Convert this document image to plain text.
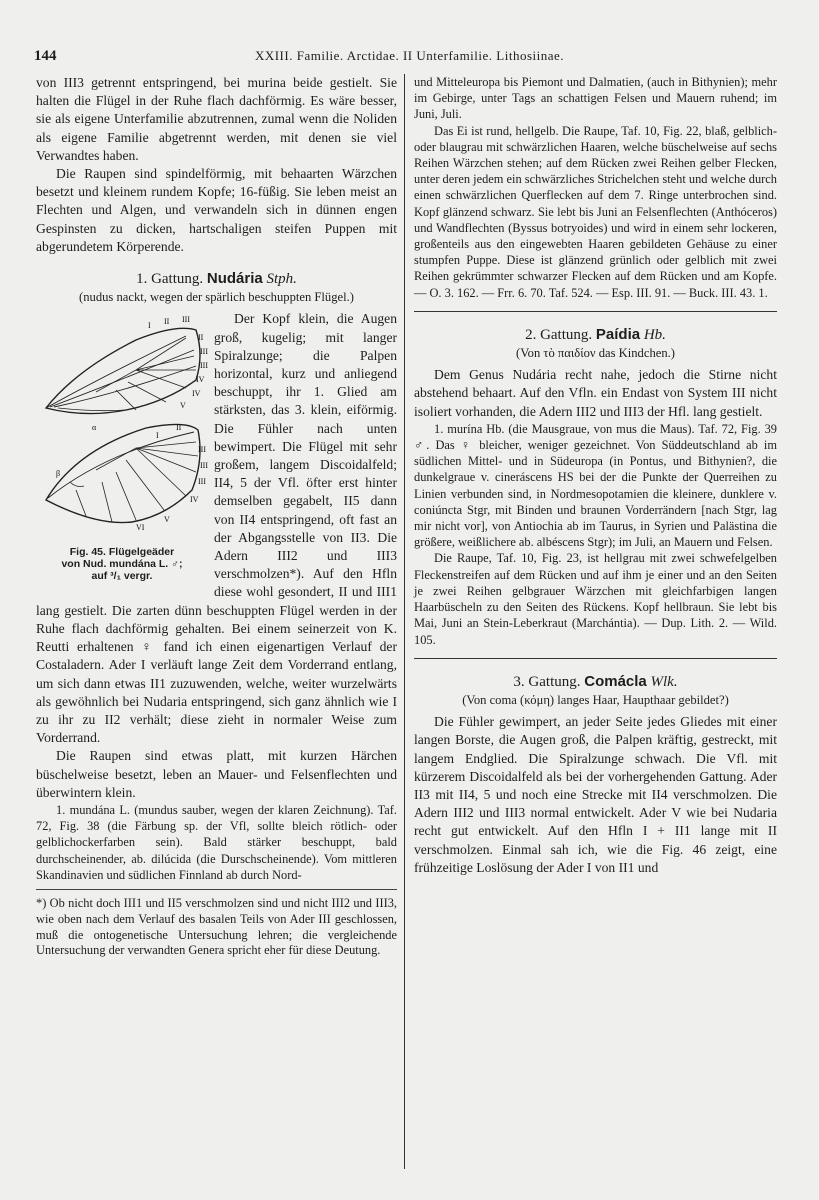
144	XXIII. Familie. Arctidae. II Unterfamilie. Lithosiinae.

von III3 getrennt entspringend, bei murina beide gestielt. Sie halten die Flügel in der Ruhe flach dachförmig. Es wäre besser, sie als eigene Unterfamilie abzutrennen, zumal wenn die Noliden als eigene Familie abgetrennt werden, mit denen sie viel Verwandtes haben.

Die Raupen sind spindelförmig, mit behaarten Wärzchen besetzt und kleinem rundem Kopfe; 16-füßig. Sie leben meist an Flechten und Algen, und verwandeln sich in dünnen engen Gespinsten zu dicken, hartschaligen steifen Puppen mit abgerundetem Körperende.

1. Gattung. Nudária Stph.
(nudus nackt, wegen der spärlich beschuppten Flügel.)
I II III
II
III
III
IV
IV
V
I
II
III
III
III
IV
V
VI
β
α
Fig. 45. Flügelgeäder
von Nud. mundána L. ♂;
auf ³/₁ vergr.

Der Kopf klein, die Augen groß, kugelig; mit langer Spiralzunge; die Palpen horizontal, kurz und anliegend beschuppt, ihr 1. Glied am stärksten, das 3. klein, eiförmig. Die Fühler nach unten bewimpert. Die Flügel mit sehr großem, langem Discoidalfeld; II4, 5 der Vfl. öfter erst hinter demselben gegabelt, II5 dann von II4 entspringend, oft fast an der Abgangsstelle von II3. Die Adern III2 und III3 verschmolzen*). Auf den Hfln diese wohl gesondert, II und III1 lang gestielt. Die zarten dünn beschuppten Flügel werden in der Ruhe flach dachförmig gehalten. Bei einem seinerzeit von K. Reutti erhaltenen ♀ fand ich einen eigenartigen Verlauf der Costaladern. Ader I verläuft lange Zeit dem Vorderrand entlang, um sich dann etwas II1 zuzuwenden, welche, weiter wurzelwärts als gewöhnlich bei Nudaria entspringend, sich ganz ähnlich wie I zu ihr zu II2 verhält; diese zieht in normaler Weise zum Vorderrand.

Die Raupen sind etwas platt, mit kurzen Härchen büschelweise besetzt, leben an Mauer- und Felsenflechten und überwintern klein.

1. mundána L. (mundus sauber, wegen der klaren Zeichnung). Taf. 72, Fig. 38 (die Färbung sp. der Vfl, sollte bleich rötlich- oder gelblichockerfarben sein). Bald stärker beschuppt, bald durchscheinender, ab. dilúcida (die Durschscheinende). Vom mittleren Skandinavien und südlichen Finnland ab durch Nord-

*) Ob nicht doch III1 und II5 verschmolzen sind und nicht III2 und III3, wie oben nach dem Verlauf des basalen Teils von Ader III geschlossen, muß die ontogenetische Untersuchung lehren; die vergleichende Untersuchung der verwandten Genera spricht eher für diese Deutung.

und Mitteleuropa bis Piemont und Dalmatien, (auch in Bithynien); mehr im Gebirge, unter Tags an schattigen Felsen und Mauern ruhend; im Juni, Juli.

Das Ei ist rund, hellgelb. Die Raupe, Taf. 10, Fig. 22, blaß, gelblich- oder blaugrau mit schwärzlichen Haaren, welche büschelweise auf sechs Reihen Wärzchen stehen; auf dem Rücken zwei Reihen gelber Flecken, unter deren jedem ein schwärzliches Strichelchen steht und welche durch einen schwärzlichen Querflecken auf dem 7. Ringe unterbrochen sind. Kopf glänzend schwarz. Sie lebt bis Juni an Felsenflechten (Anthóceros) und Wandflechten (Byssus botryoides) und wird in einem sehr lockeren, großenteils aus den eingewebten Haaren gebildeten Gehäuse zu einer stumpfen Puppe. Diese ist glänzend grünlich oder gelblich mit zwei Reihen gekrümmter schwarzer Flecken auf dem Rücken und am Kopfe. — O. 3. 162. — Frr. 6. 70. Taf. 524. — Esp. III. 91. — Buck. III. 43. 1.

2. Gattung. Paídia Hb.
(Von τὸ παιδίον das Kindchen.)

Dem Genus Nudária recht nahe, jedoch die Stirne nicht abstehend behaart. Auf den Vfln. ein Endast von System III nicht isoliert vorhanden, die Adern III2 und III3 der Hfl. lang gestielt.

1. murína Hb. (die Mausgraue, von mus die Maus). Taf. 72, Fig. 39 ♂. Das ♀ bleicher, weniger gezeichnet. Von Süddeutschland ab im südlichen Mittel- und in Südeuropa (in Pontus, und Bithynien?, die dunkelgraue v. cineráscens HS bei der die Punkte der Querreihen zu Linien verbunden sind, in Nordmesopotamien die kleinere, dunklere v. coniúncta Stgr, mit Binden und braunen Vorderrändern [nach Stgr, lag mir nicht vor], von Antiochia ab im Taurus, in Syrien und Palästina die größere, weißlichere ab. albéscens Stgr); im Juli, an Mauern und Felsen.

Die Raupe, Taf. 10, Fig. 23, ist hellgrau mit zwei schwefelgelben Fleckenstreifen auf dem Rücken und auf ihm je einer und an den Seiten je zwei Reihen gelbgrauer Wärzchen mit gleichfarbigen langen Haarbüscheln zu den Seiten des Rückens. Kopf hellbraun. Sie lebt bis Mai, Juni an Stein-Leberkraut (Marchántia). — Dup. Lith. 2. — Wild. 105.

3. Gattung. Comácla Wlk.
(Von coma (κόμη) langes Haar, Haupthaar gebildet?)

Die Fühler gewimpert, an jeder Seite jedes Gliedes mit einer langen Borste, die Augen groß, die Palpen kräftig, gestreckt, mit langem Endglied. Die Spiralzunge schwach. Die Vfl. mit kürzerem Discoidalfeld als bei der vorhergehenden Gattung. Ader II3 mit II4, 5 und noch eine Strecke mit II4 verschmolzen. Die Adern III2 und III3 normal entwickelt. Ader V wie bei Nudaria recht gut entwickelt. Auf den Hfln I + II1 lange mit II verschmolzen. Einmal sah ich, wie die Fig. 46 zeigt, eine frühzeitige Loslösung der Ader I von II1 und
